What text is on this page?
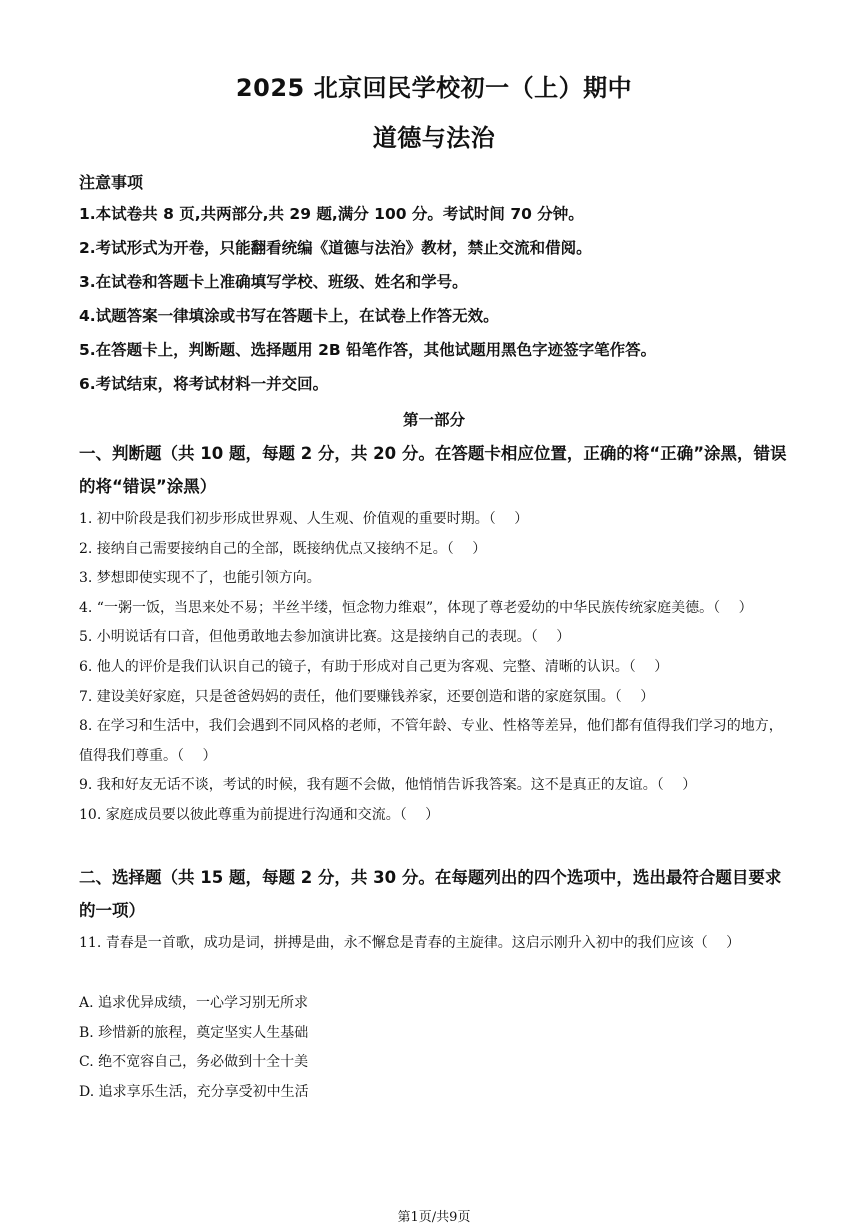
2025 北京回民学校初一（上）期中
道德与法治
注意事项
1.本试卷共 8 页,共两部分,共 29 题,满分 100 分。考试时间 70 分钟。
2.考试形式为开卷，只能翻看统编《道德与法治》教材，禁止交流和借阅。
3.在试卷和答题卡上准确填写学校、班级、姓名和学号。
4.试题答案一律填涂或书写在答题卡上，在试卷上作答无效。
5.在答题卡上，判断题、选择题用 2B 铅笔作答，其他试题用黑色字迹签字笔作答。
6.考试结束，将考试材料一并交回。
第一部分
一、判断题（共 10 题，每题 2 分，共 20 分。在答题卡相应位置，正确的将“正确”涂黑，错误的将“错误”涂黑）
1. 初中阶段是我们初步形成世界观、人生观、价值观的重要时期。（　 ）
2. 接纳自己需要接纳自己的全部，既接纳优点又接纳不足。（　 ）
3. 梦想即使实现不了，也能引领方向。
4. “一粥一饭，当思来处不易；半丝半缕，恒念物力维艰”，体现了尊老爱幼的中华民族传统家庭美德。（　 ）
5. 小明说话有口音，但他勇敢地去参加演讲比赛。这是接纳自己的表现。（　 ）
6. 他人的评价是我们认识自己的镜子，有助于形成对自己更为客观、完整、清晰的认识。（　 ）
7. 建设美好家庭，只是爸爸妈妈的责任，他们要赚钱养家，还要创造和谐的家庭氛围。（　 ）
8. 在学习和生活中，我们会遇到不同风格的老师，不管年龄、专业、性格等差异，他们都有值得我们学习的地方，值得我们尊重。（　 ）
9. 我和好友无话不谈，考试的时候，我有题不会做，他悄悄告诉我答案。这不是真正的友谊。（　 ）
10. 家庭成员要以彼此尊重为前提进行沟通和交流。（　 ）
二、选择题（共 15 题，每题 2 分，共 30 分。在每题列出的四个选项中，选出最符合题目要求的一项）
11. 青春是一首歌，成功是词，拼搏是曲，永不懈怠是青春的主旋律。这启示刚升入初中的我们应该（　 ）
A. 追求优异成绩，一心学习别无所求
B. 珍惜新的旅程，奠定坚实人生基础
C. 绝不宽容自己，务必做到十全十美
D. 追求享乐生活，充分享受初中生活
第1页/共9页
